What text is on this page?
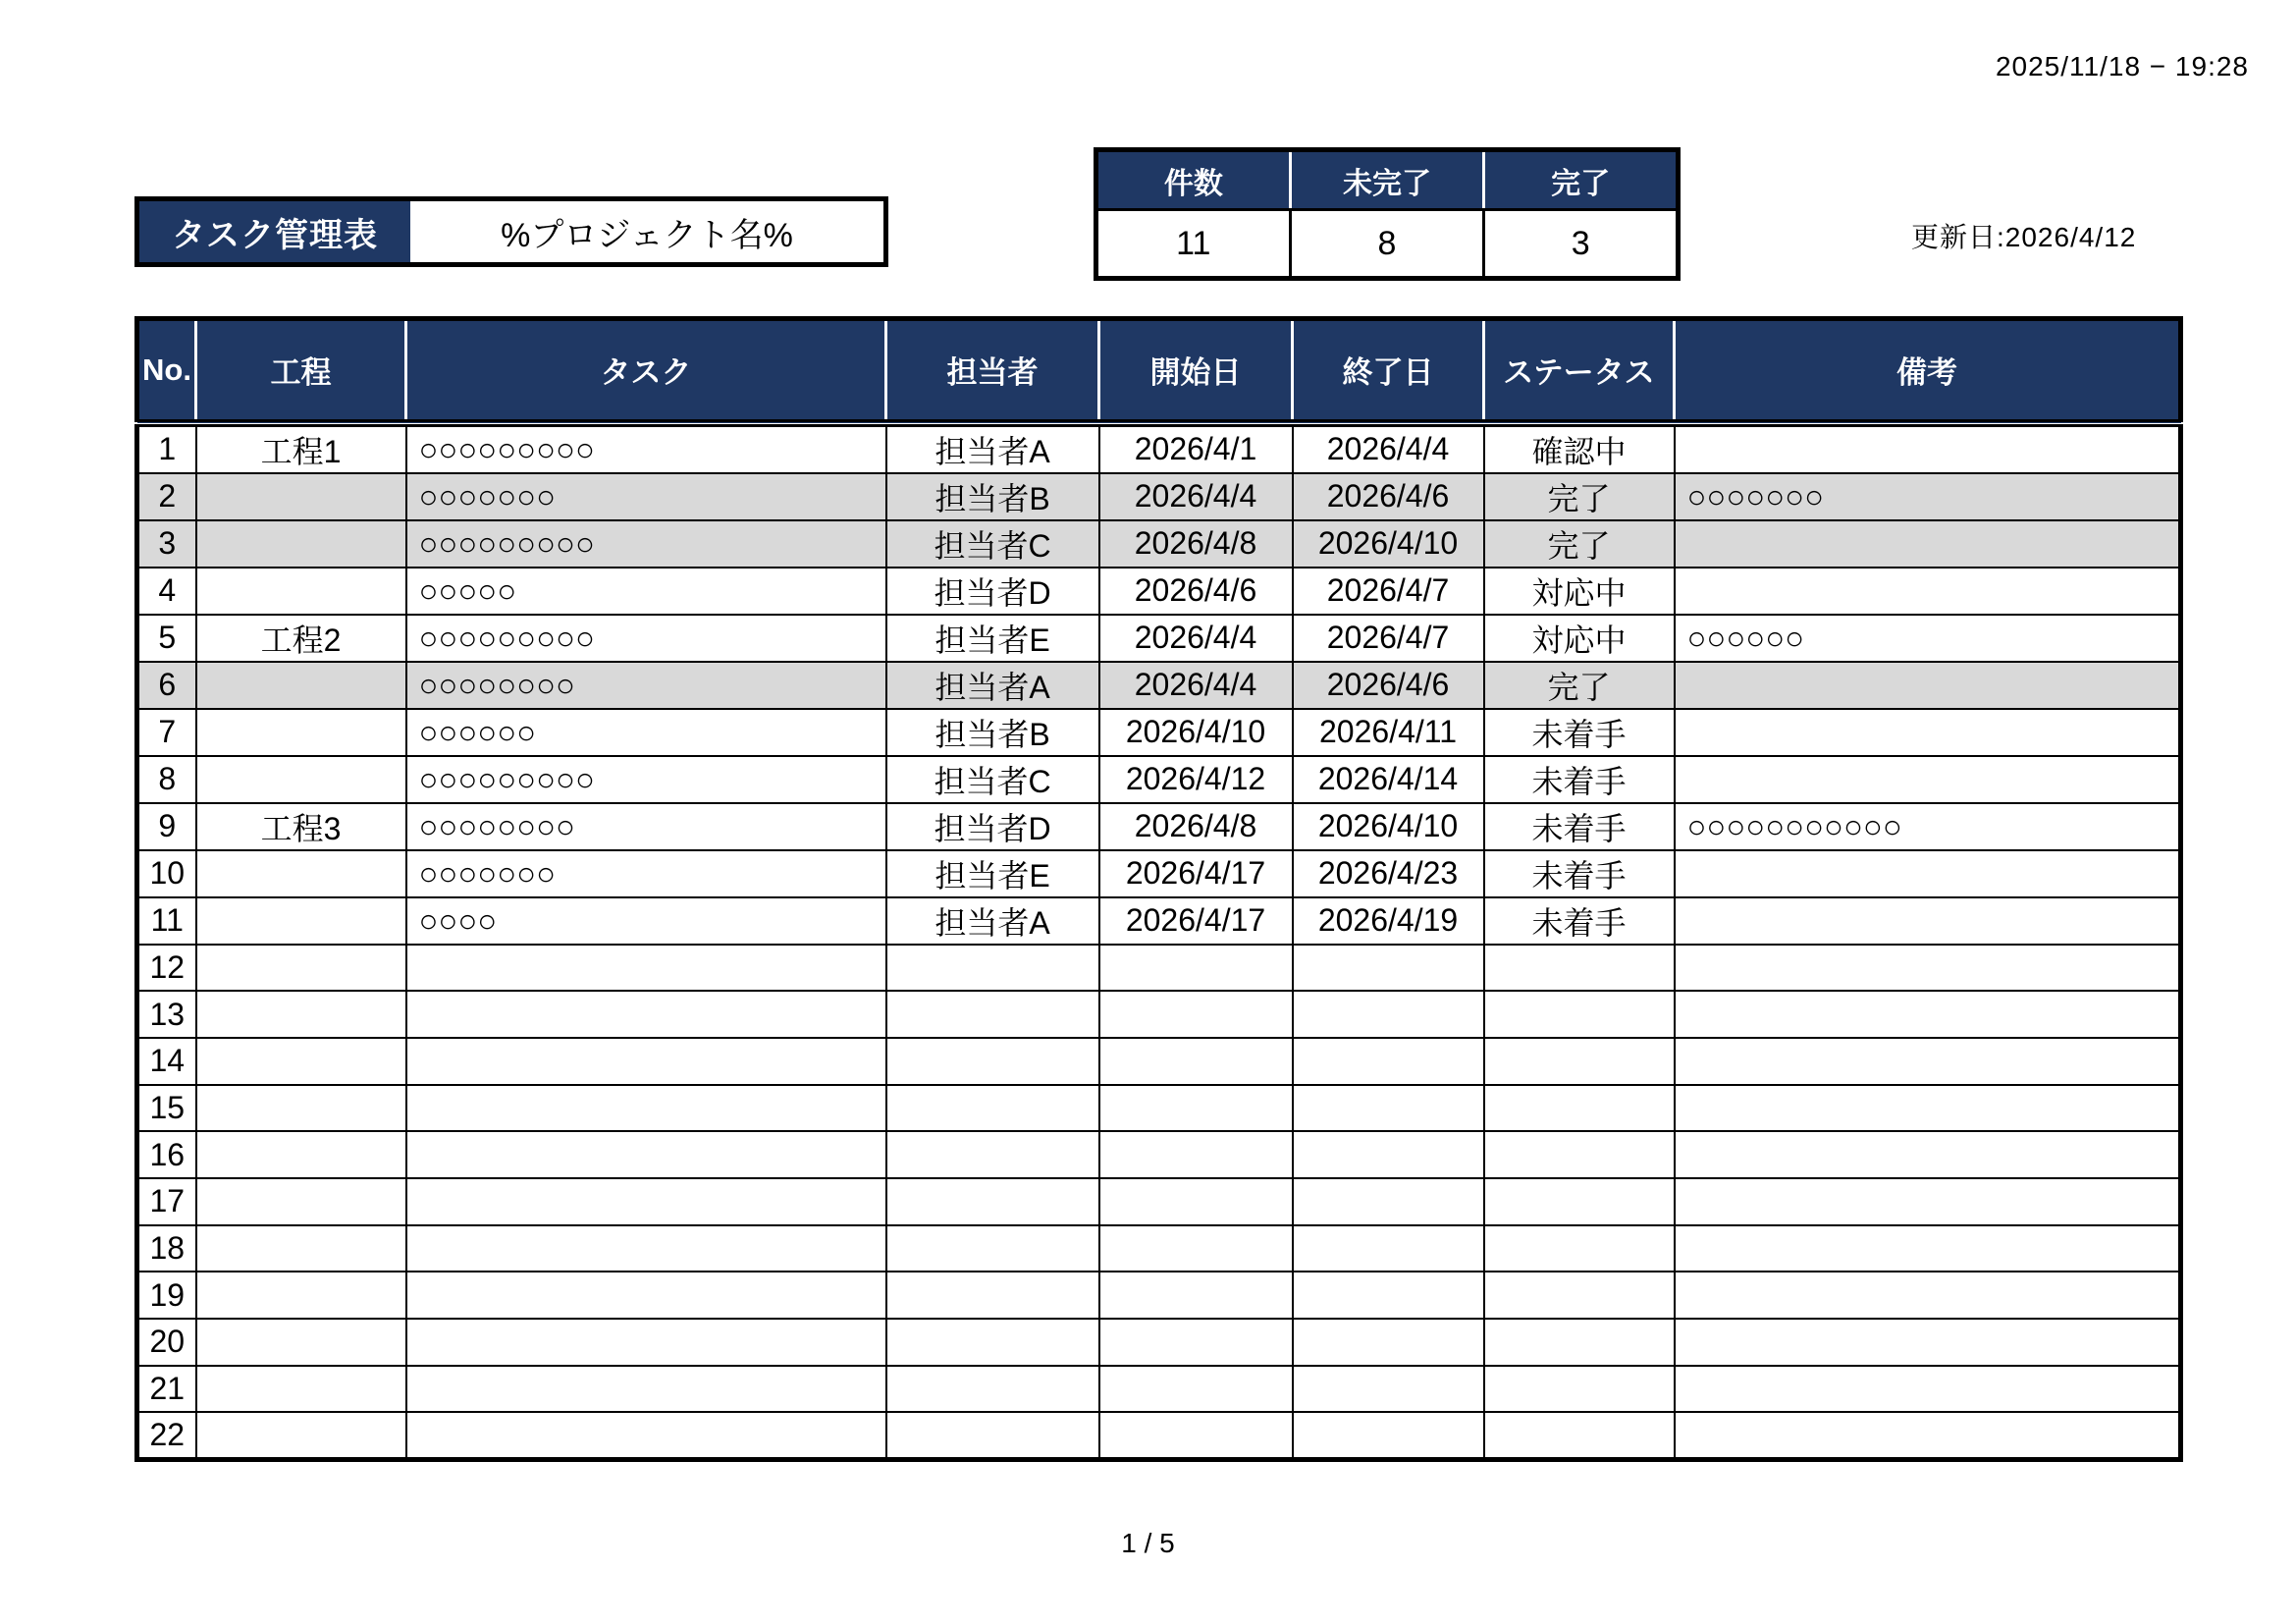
2025/11/18 − 19:28
タスク管理表	%プロジェクト名%
件数	未完了	完了
11	8	3	更新日:2026/4/12
No.	工程	タスク	担当者	開始日	終了日	ステータス	備考
1	工程1	○○○○○○○○○	担当者A	2026/4/1	2026/4/4	確認中	
2		○○○○○○○	担当者B	2026/4/4	2026/4/6	完了	○○○○○○○
3		○○○○○○○○○	担当者C	2026/4/8	2026/4/10	完了	
4		○○○○○	担当者D	2026/4/6	2026/4/7	対応中	
5	工程2	○○○○○○○○○	担当者E	2026/4/4	2026/4/7	対応中	○○○○○○
6		○○○○○○○○	担当者A	2026/4/4	2026/4/6	完了	
7		○○○○○○	担当者B	2026/4/10	2026/4/11	未着手	
8		○○○○○○○○○	担当者C	2026/4/12	2026/4/14	未着手	
9	工程3	○○○○○○○○	担当者D	2026/4/8	2026/4/10	未着手	○○○○○○○○○○○
10		○○○○○○○	担当者E	2026/4/17	2026/4/23	未着手	
11		○○○○	担当者A	2026/4/17	2026/4/19	未着手	
12							
13							
14							
15							
16							
17							
18							
19							
20							
21							
22							
1 / 5
